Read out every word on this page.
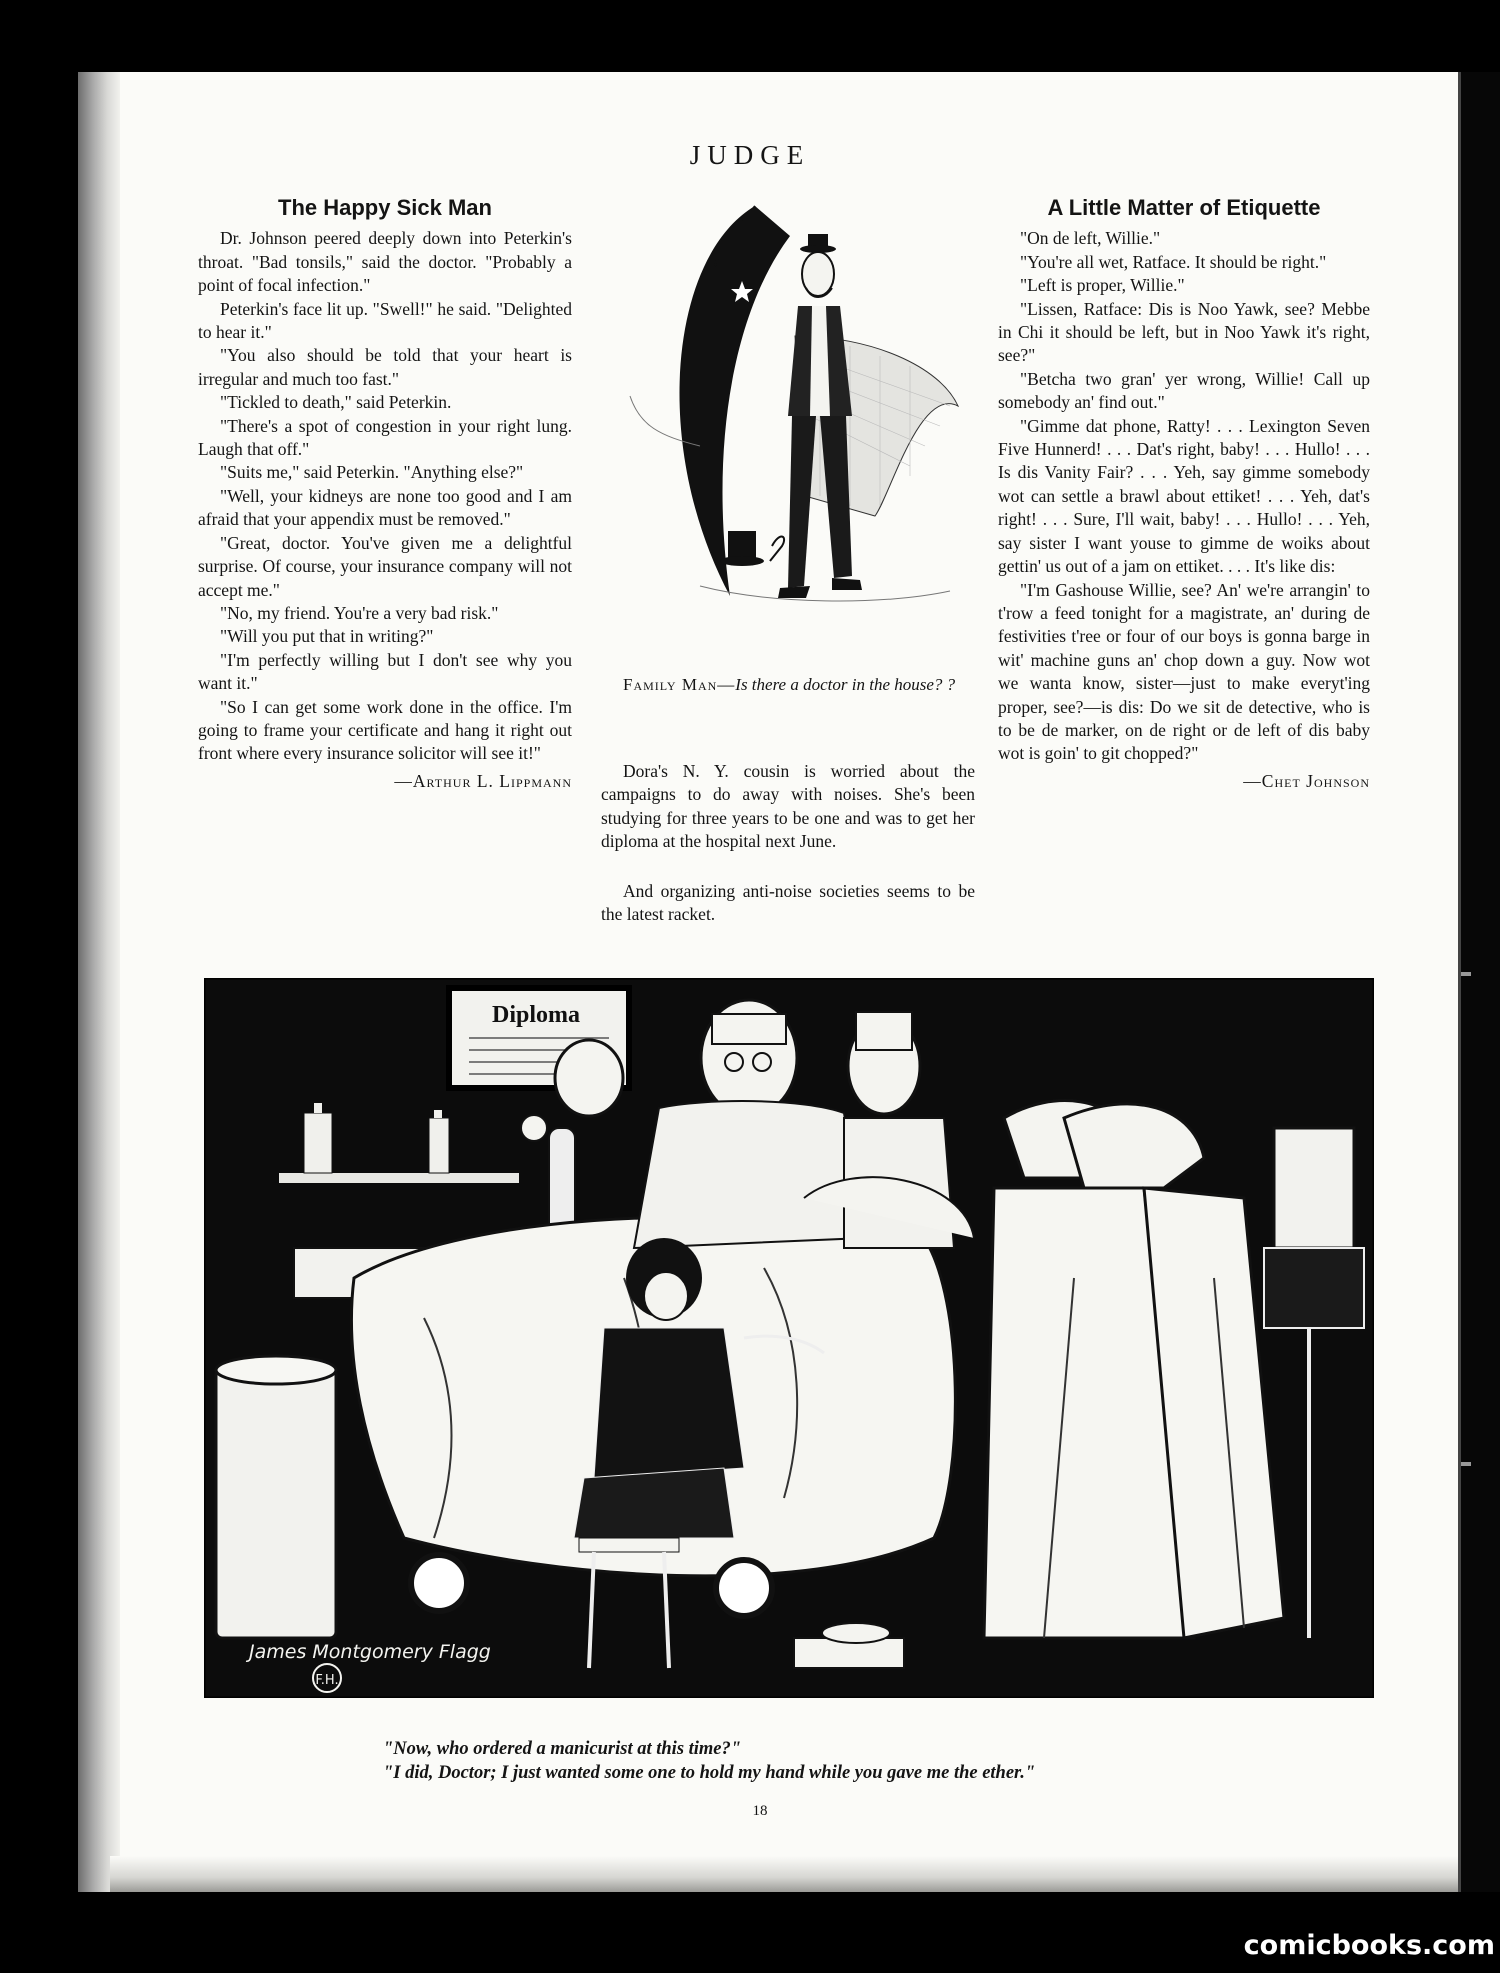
JUDGE
The Happy Sick Man

Dr. Johnson peered deeply down into Peterkin's throat. "Bad tonsils," said the doctor. "Probably a point of focal infection."

Peterkin's face lit up. "Swell!" he said. "Delighted to hear it."

"You also should be told that your heart is irregular and much too fast."

"Tickled to death," said Peterkin.

"There's a spot of congestion in your right lung. Laugh that off."

"Suits me," said Peterkin. "Anything else?"

"Well, your kidneys are none too good and I am afraid that your appendix must be removed."

"Great, doctor. You've given me a delightful surprise. Of course, your insurance company will not accept me."

"No, my friend. You're a very bad risk."

"Will you put that in writing?"

"I'm perfectly willing but I don't see why you want it."

"So I can get some work done in the office. I'm going to frame your certificate and hang it right out front where every insurance solicitor will see it!"

—Arthur L. Lippmann
Family Man—Is there a doctor in the house? ?

Dora's N. Y. cousin is worried about the campaigns to do away with noises. She's been studying for three years to be one and was to get her diploma at the hospital next June.

And organizing anti-noise societies seems to be the latest racket.

A Little Matter of Etiquette

"On de left, Willie."

"You're all wet, Ratface. It should be right."

"Left is proper, Willie."

"Lissen, Ratface: Dis is Noo Yawk, see? Mebbe in Chi it should be left, but in Noo Yawk it's right, see?"

"Betcha two gran' yer wrong, Willie! Call up somebody an' find out."

"Gimme dat phone, Ratty! . . . Lexington Seven Five Hunnerd! . . . Dat's right, baby! . . . Hullo! . . . Is dis Vanity Fair? . . . Yeh, say gimme somebody wot can settle a brawl about ettiket! . . . Yeh, dat's right! . . . Sure, I'll wait, baby! . . . Hullo! . . . Yeh, say sister I want youse to gimme de woiks about gettin' us out of a jam on ettiket. . . . It's like dis:

"I'm Gashouse Willie, see? An' we're arrangin' to t'row a feed tonight for a magistrate, an' during de festivities t'ree or four of our boys is gonna barge in wit' machine guns an' chop down a guy. Now wot we wanta know, sister—just to make everyt'ing proper, see?—is dis: Do we sit de detective, who is to be de marker, on de right or de left of dis baby wot is goin' to git chopped?"

—Chet Johnson
Diploma
James Montgomery Flagg
F.H.
"Now, who ordered a manicurist at this time?"
"I did, Doctor; I just wanted some one to hold my hand while you gave me the ether."
18
comicbooks.com
